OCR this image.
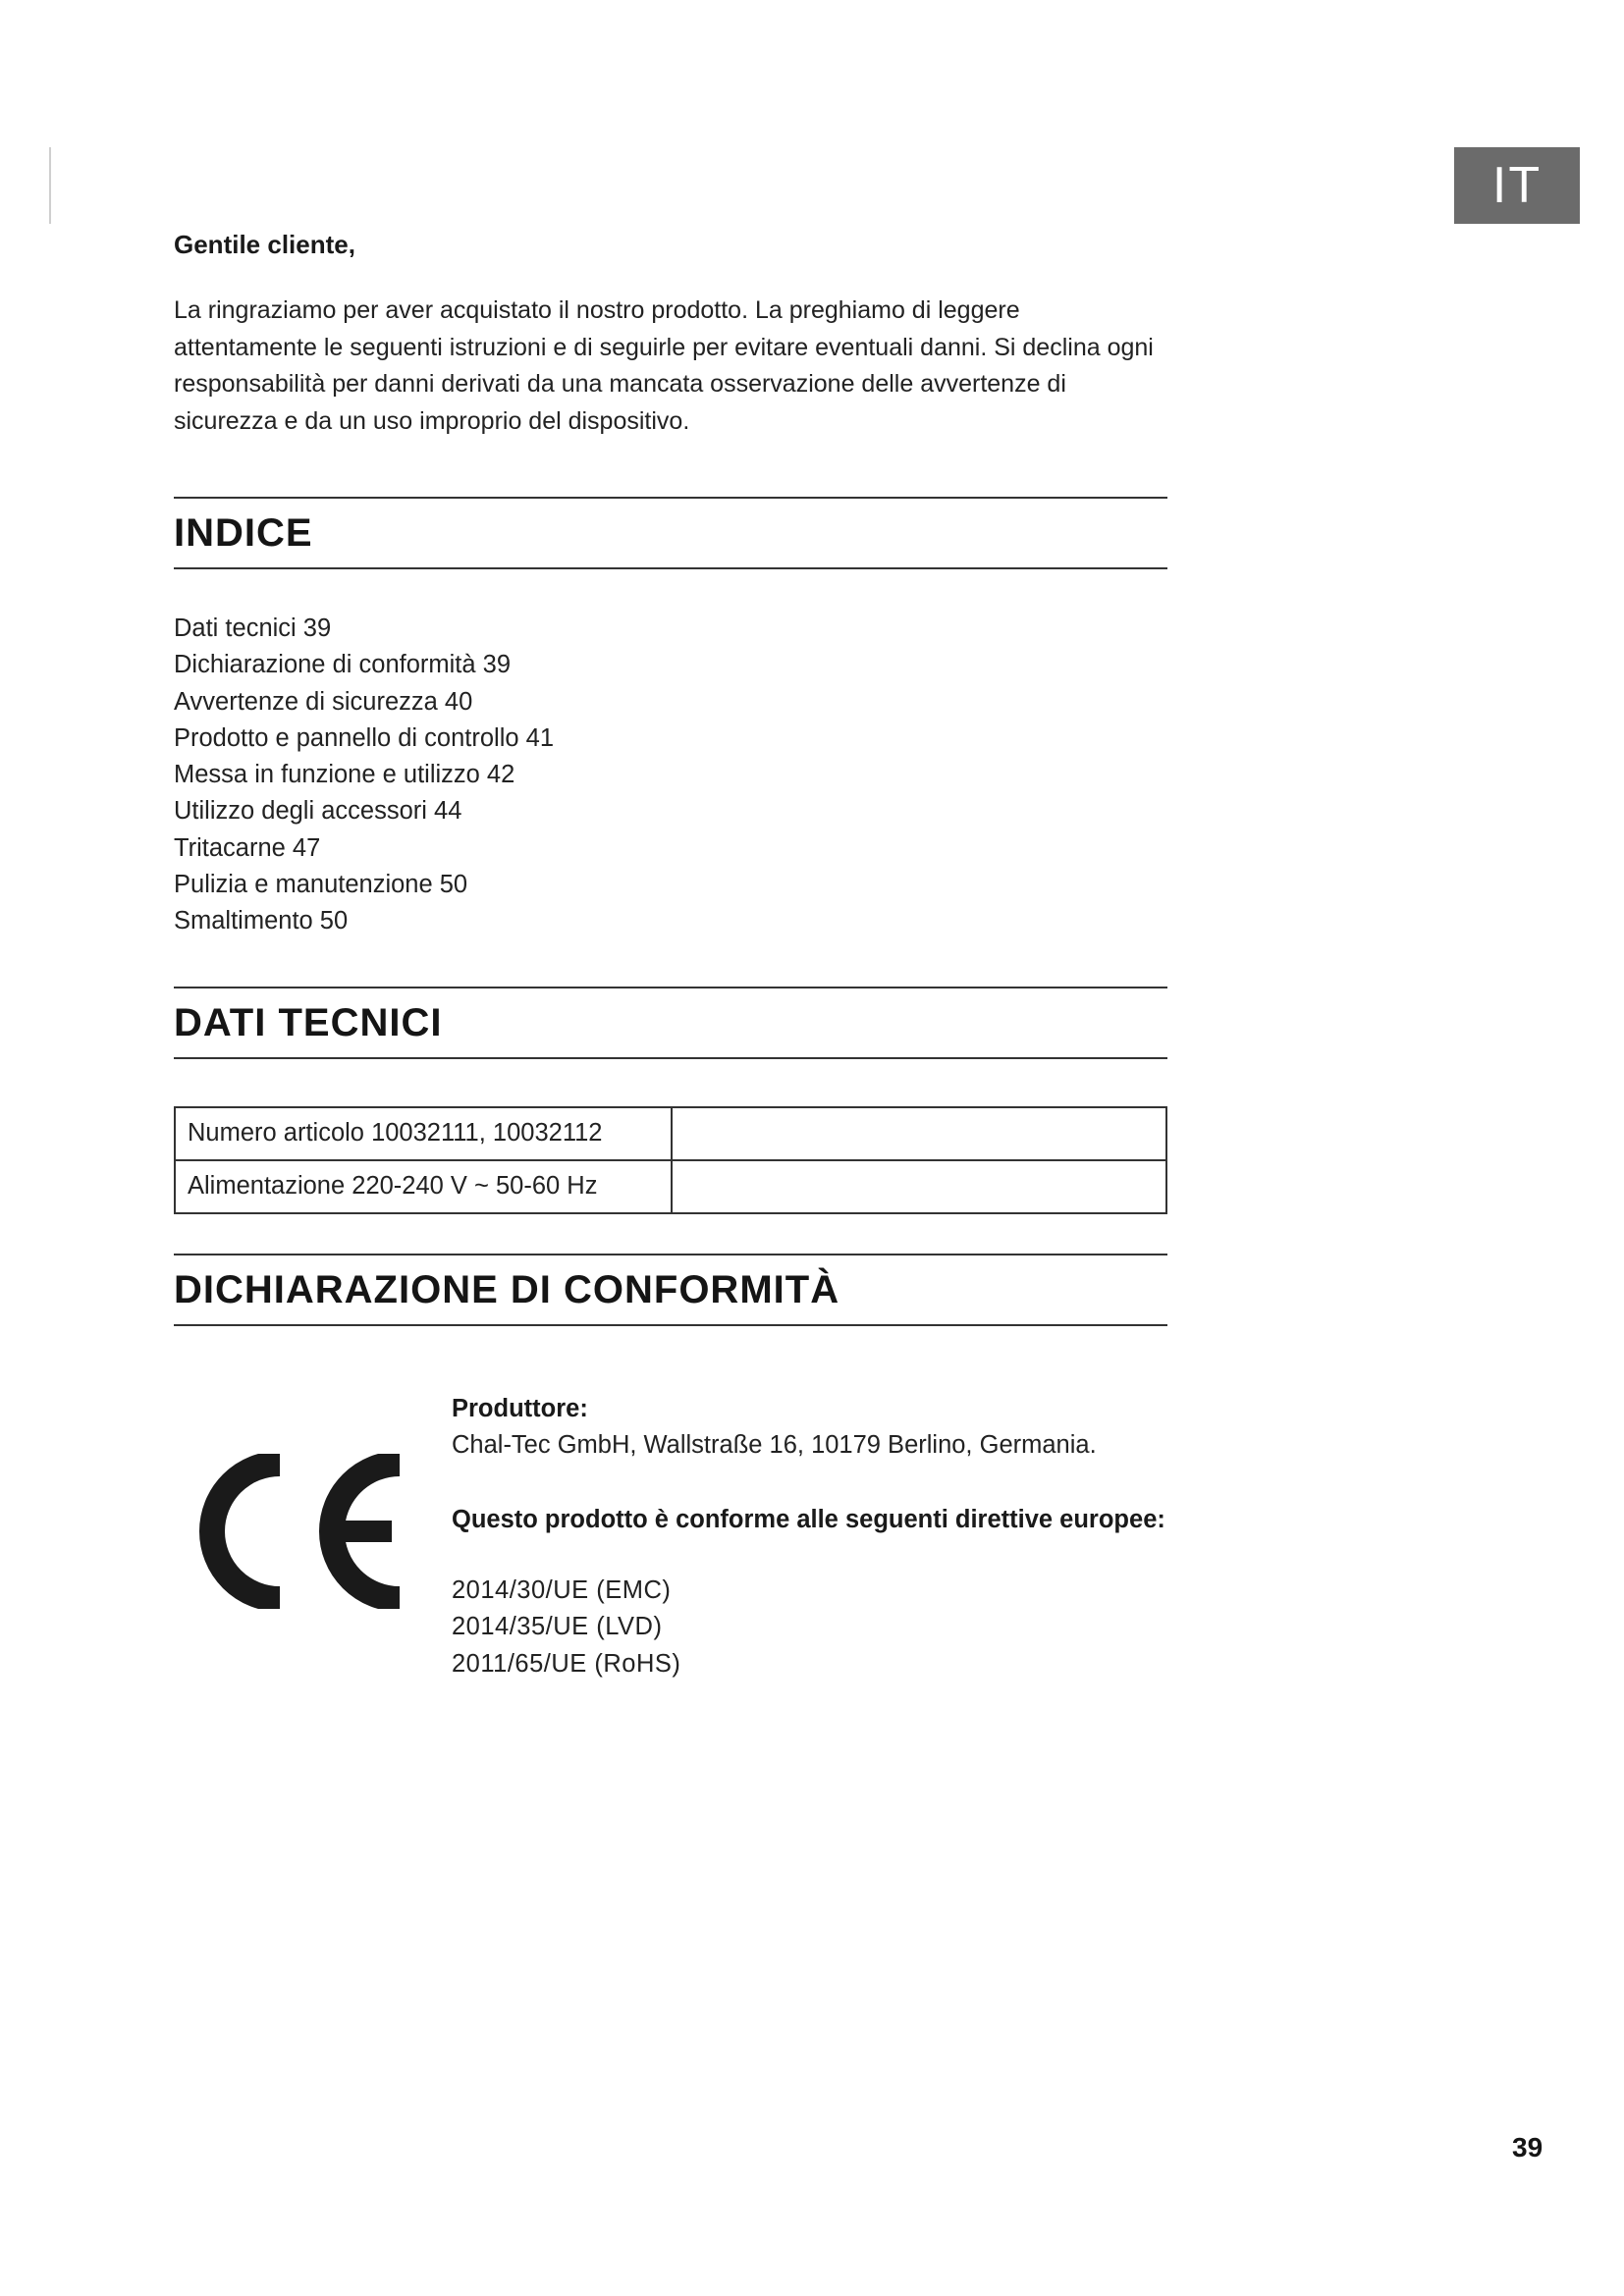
IT

Gentile cliente,

La ringraziamo per aver acquistato il nostro prodotto. La preghiamo di leggere attentamente le seguenti istruzioni e di seguirle per evitare eventuali danni. Si declina ogni responsabilità per danni derivati da una mancata osservazione delle avvertenze di sicurezza e da un uso improprio del dispositivo.

INDICE
Dati tecnici 39
Dichiarazione di conformità 39
Avvertenze di sicurezza 40
Prodotto e pannello di controllo 41
Messa in funzione e utilizzo 42
Utilizzo degli accessori 44
Tritacarne 47
Pulizia e manutenzione 50
Smaltimento 50
DATI TECNICI
Numero articolo 10032111, 10032112	
Alimentazione 220-240 V ~ 50-60 Hz	
DICHIARAZIONE DI CONFORMITÀ

Produttore:

Chal-Tec GmbH, Wallstraße 16, 10179 Berlino, Germania.

Questo prodotto è conforme alle seguenti direttive europee:

2014/30/UE (EMC)
2014/35/UE (LVD)
2011/65/UE (RoHS)
39
